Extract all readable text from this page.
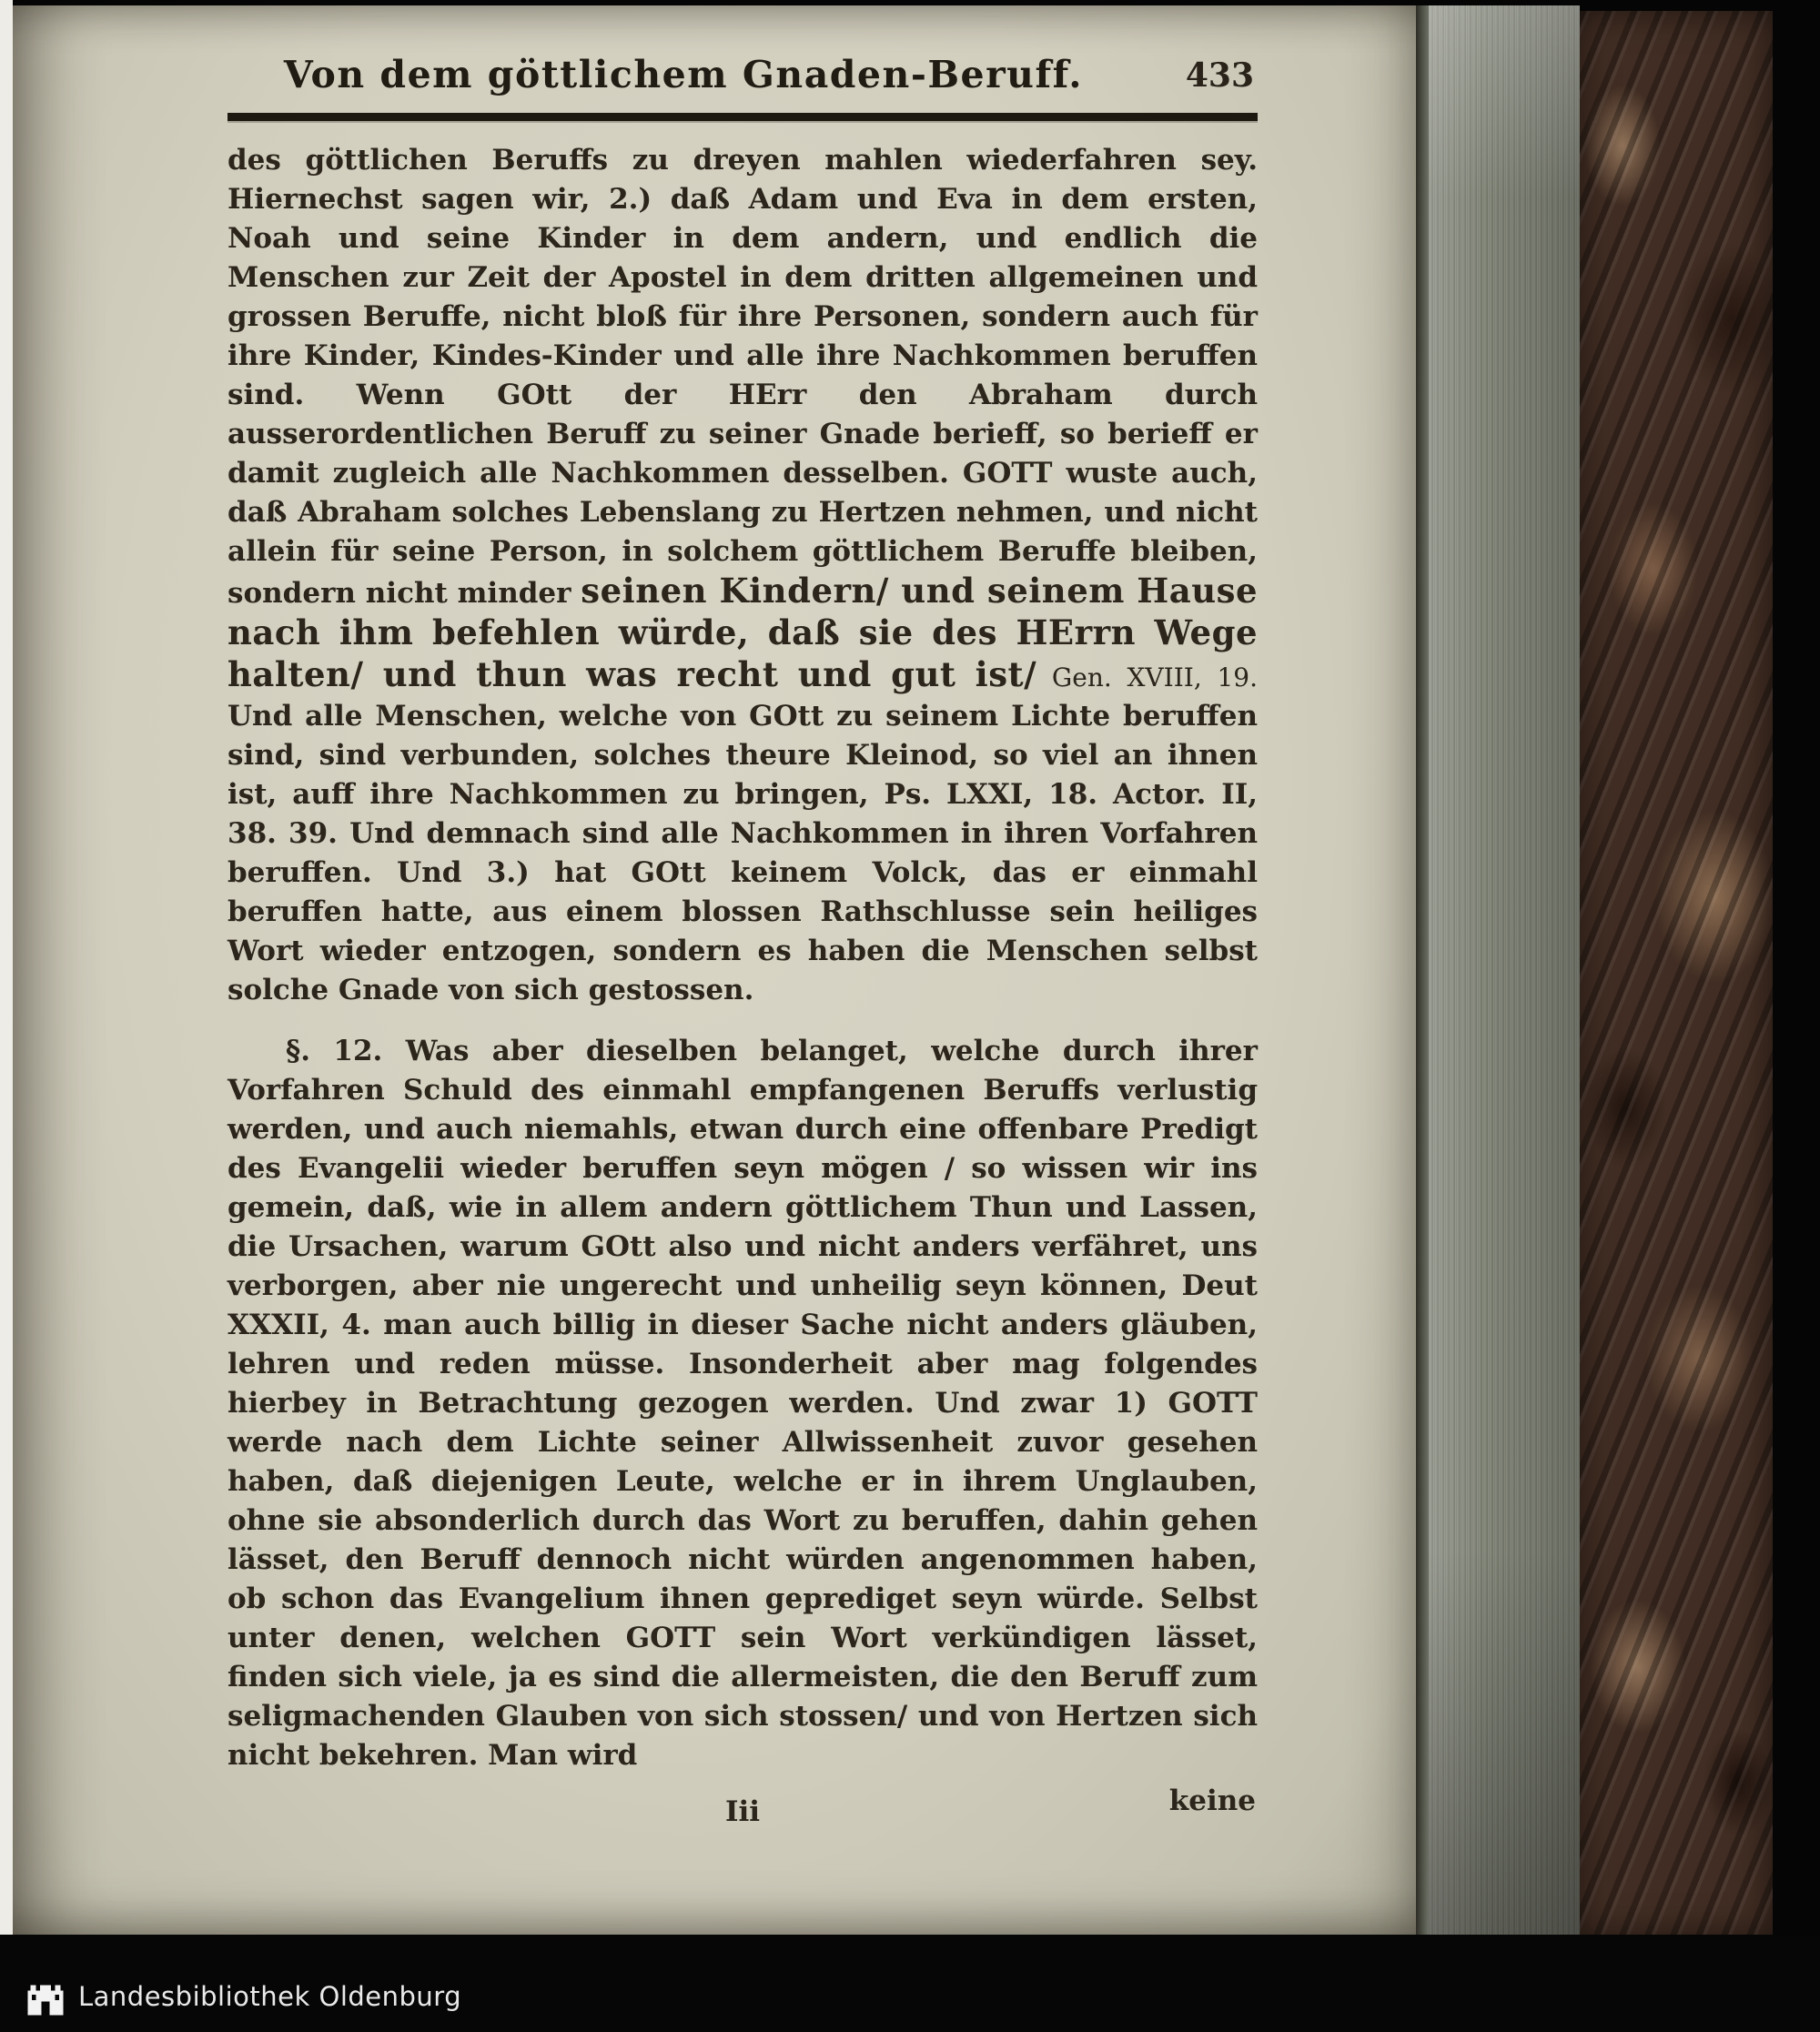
Von dem göttlichem Gnaden-Beruff.	433

des göttlichen Beruffs zu dreyen mahlen wiederfahren sey. Hiernechst sagen wir, 2.) daß Adam und Eva in dem ersten, Noah und seine Kinder in dem andern, und endlich die Menschen zur Zeit der Apostel in dem dritten allgemeinen und grossen Beruffe, nicht bloß für ihre Personen, sondern auch für ihre Kinder, Kindes-Kinder und alle ihre Nachkommen beruffen sind. Wenn GOtt der HErr den Abraham durch ausserordentlichen Beruff zu seiner Gnade berieff, so berieff er damit zugleich alle Nachkommen desselben. GOTT wuste auch, daß Abraham solches Lebenslang zu Hertzen nehmen, und nicht allein für seine Person, in solchem göttlichem Beruffe bleiben, sondern nicht minder seinen Kindern/ und seinem Hause nach ihm befehlen würde, daß sie des HErrn Wege halten/ und thun was recht und gut ist/ Gen. XVIII, 19. Und alle Menschen, welche von GOtt zu seinem Lichte beruffen sind, sind verbunden, solches theure Kleinod, so viel an ihnen ist, auff ihre Nachkommen zu bringen, Ps. LXXI, 18. Actor. II, 38. 39. Und demnach sind alle Nachkommen in ihren Vorfahren beruffen. Und 3.) hat GOtt keinem Volck, das er einmahl beruffen hatte, aus einem blossen Rathschlusse sein heiliges Wort wieder entzogen, sondern es haben die Menschen selbst solche Gnade von sich gestossen.

§. 12. Was aber dieselben belanget, welche durch ihrer Vorfahren Schuld des einmahl empfangenen Beruffs verlustig werden, und auch niemahls, etwan durch eine offenbare Predigt des Evangelii wieder beruffen seyn mögen / so wissen wir ins gemein, daß, wie in allem andern göttlichem Thun und Lassen, die Ursachen, warum GOtt also und nicht anders verfähret, uns verborgen, aber nie ungerecht und unheilig seyn können, Deut XXXII, 4. man auch billig in dieser Sache nicht anders gläuben, lehren und reden müsse. Insonderheit aber mag folgendes hierbey in Betrachtung gezogen werden. Und zwar 1) GOTT werde nach dem Lichte seiner Allwissenheit zuvor gesehen haben, daß diejenigen Leute, welche er in ihrem Unglauben, ohne sie absonderlich durch das Wort zu beruffen, dahin gehen lässet, den Beruff dennoch nicht würden angenommen haben, ob schon das Evangelium ihnen geprediget seyn würde. Selbst unter denen, welchen GOTT sein Wort verkündigen lässet, finden sich viele, ja es sind die allermeisten, die den Beruff zum seligmachenden Glauben von sich stossen/ und von Hertzen sich nicht bekehren. Man wird

Iii	keine
Landesbibliothek Oldenburg
